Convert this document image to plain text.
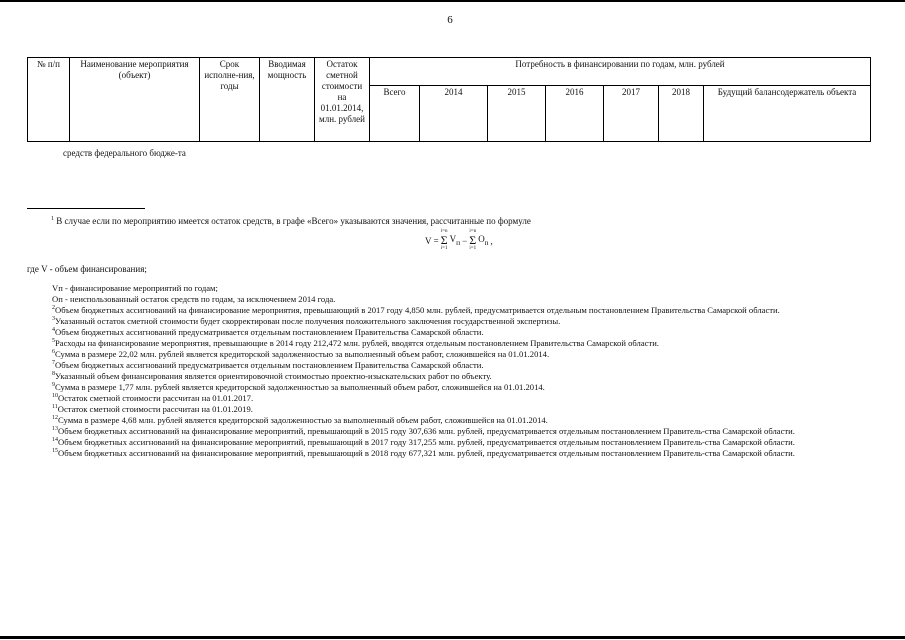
6
№ п/п	Наименование мероприятия (объект)	Срок исполне-ния, годы	Вводимая мощность	Остаток сметной стоимости на 01.01.2014, млн. рублей	Потребность в финансировании по годам, млн. рублей						
					Всего	2014	2015	2016	2017	2018	Будущий балансодержатель объекта
средств федерального бюдже-та
$^1$ В случае если по мероприятию имеется остаток средств, в графе «Всего» указываются значения, рассчитанные по формуле
V =
i=n
Σ
i=1
$V_п$ −
i=n
Σ
i=1
$O_n$ ,
где V - объем финансирования;

Vп - финансирование мероприятий по годам;

Оп - неиспользованный остаток средств по годам, за исключением 2014 года.

$^2$Объем бюджетных ассигнований на финансирование мероприятия, превышающий в 2017 году 4,850 млн. рублей, предусматривается отдельным постановлением Правительства Самарской области.

$^3$Указанный остаток сметной стоимости будет скорректирован после получения положительного заключения государственной экспертизы.

$^4$Объем бюджетных ассигнований предусматривается отдельным постановлением Правительства Самарской области.

$^5$Расходы на финансирование мероприятия, превышающие в 2014 году 212,472 млн. рублей, вводятся отдельным постановлением Правительства Самарской области.

$^6$Сумма в размере 22,02 млн. рублей является кредиторской задолженностью за выполненный объем работ, сложившейся на 01.01.2014.

$^7$Объем бюджетных ассигнований предусматривается отдельным постановлением Правительства Самарской области.

$^8$Указанный объем финансирования является ориентировочной стоимостью проектно-изыскательских работ по объекту.

$^9$Сумма в размере 1,77 млн. рублей является кредиторской задолженностью за выполненный объем работ, сложившейся на 01.01.2014.

$^{10}$Остаток сметной стоимости рассчитан на 01.01.2017.

$^{11}$Остаток сметной стоимости рассчитан на 01.01.2019.

$^{12}$Сумма в размере 4,68 млн. рублей является кредиторской задолженностью за выполненный объем работ, сложившейся на 01.01.2014.

$^{13}$Объем бюджетных ассигнований на финансирование мероприятий, превышающий в 2015 году 307,636 млн. рублей, предусматривается отдельным постановлением Правитель-ства Самарской области.

$^{14}$Объем бюджетных ассигнований на финансирование мероприятий, превышающий в 2017 году 317,255 млн. рублей, предусматривается отдельным постановлением Правитель-ства Самарской области.

$^{15}$Объем бюджетных ассигнований на финансирование мероприятий, превышающий в 2018 году 677,321 млн. рублей, предусматривается отдельным постановлением Правитель-ства Самарской области.
